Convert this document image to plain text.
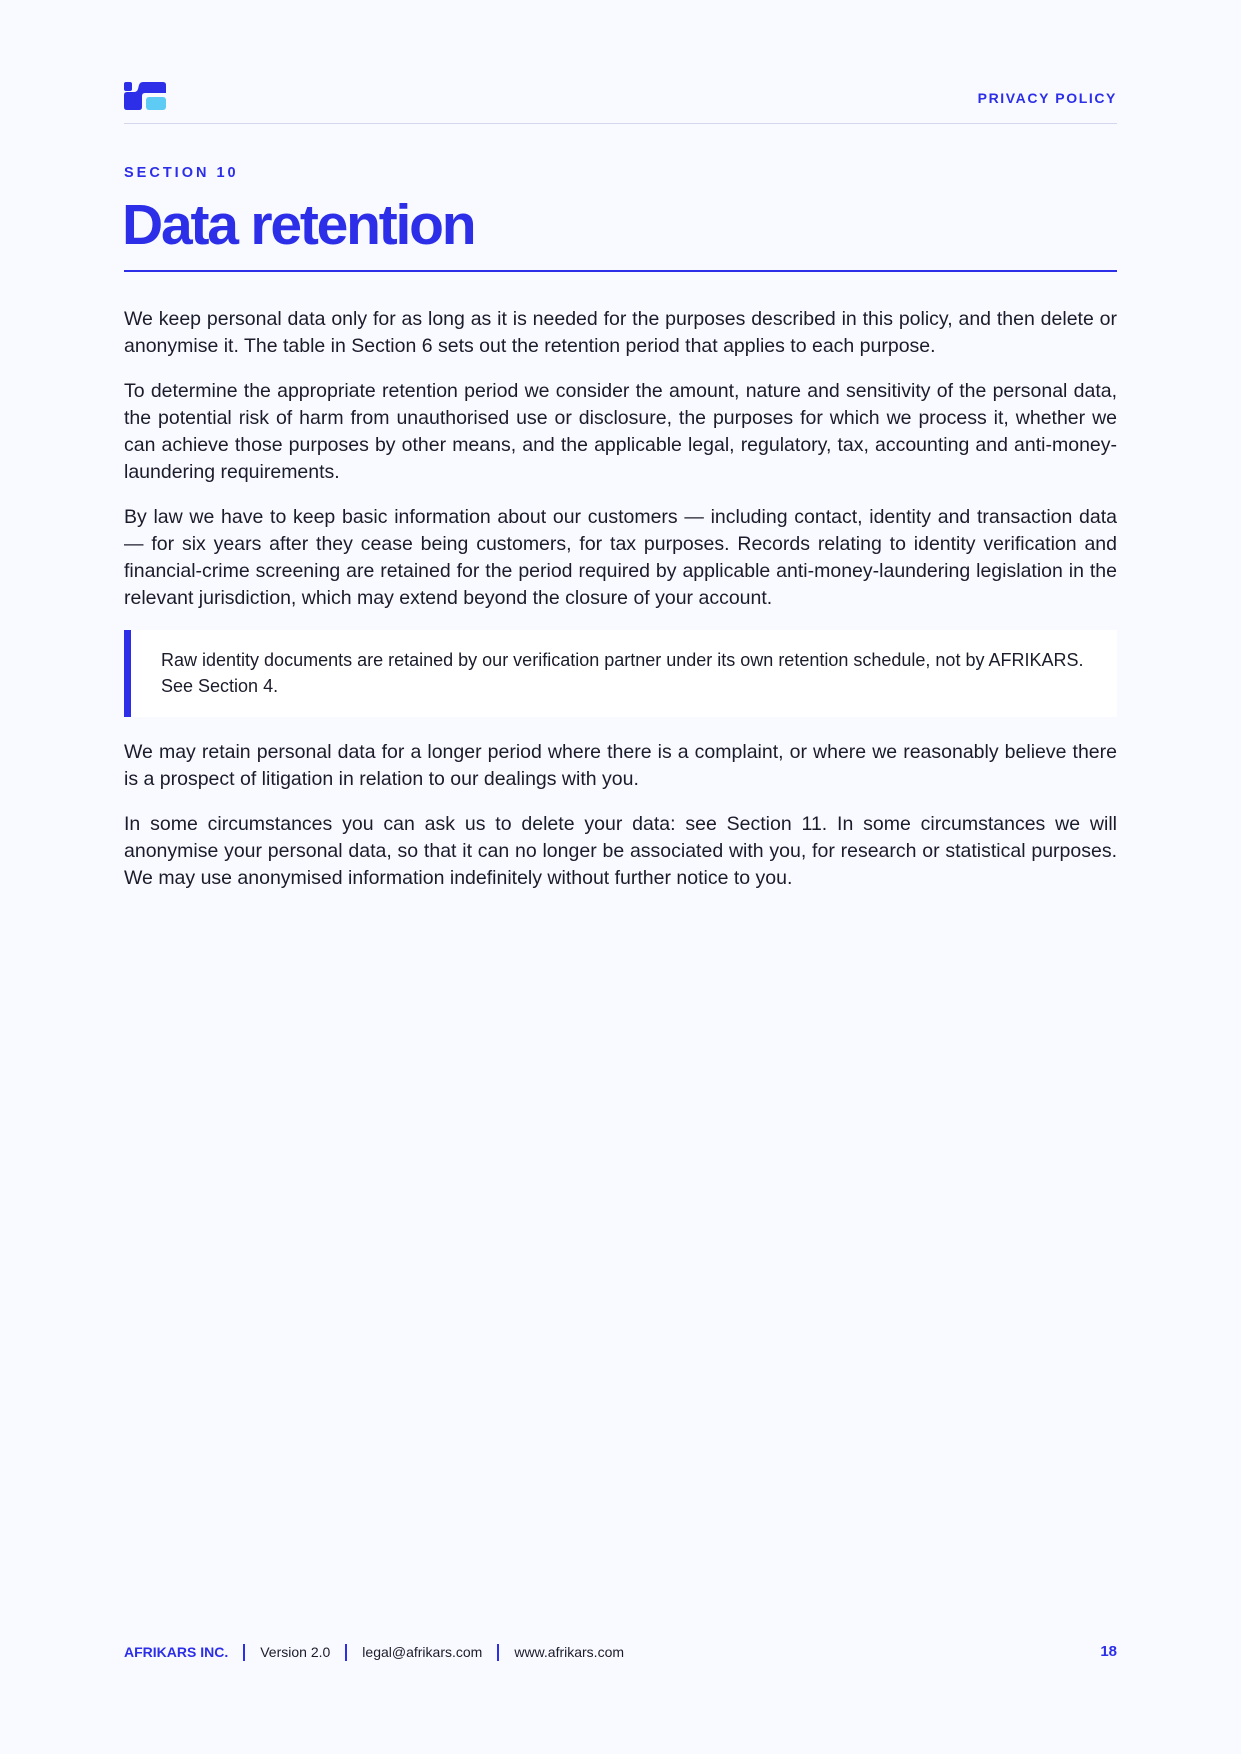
PRIVACY POLICY
SECTION 10
Data retention

We keep personal data only for as long as it is needed for the purposes described in this policy, and then delete or anonymise it. The table in Section 6 sets out the retention period that applies to each purpose.

To determine the appropriate retention period we consider the amount, nature and sensitivity of the personal data, the potential risk of harm from unauthorised use or disclosure, the purposes for which we process it, whether we can achieve those purposes by other means, and the applicable legal, regulatory, tax, accounting and anti-money-laundering requirements.

By law we have to keep basic information about our customers — including contact, identity and transaction data — for six years after they cease being customers, for tax purposes. Records relating to identity verification and financial-crime screening are retained for the period required by applicable anti-money-laundering legislation in the relevant jurisdiction, which may extend beyond the closure of your account.

Raw identity documents are retained by our verification partner under its own retention schedule, not by AFRIKARS. See Section 4.

We may retain personal data for a longer period where there is a complaint, or where we reasonably believe there is a prospect of litigation in relation to our dealings with you.

In some circumstances you can ask us to delete your data: see Section 11. In some circumstances we will anonymise your personal data, so that it can no longer be associated with you, for research or statistical purposes. We may use anonymised information indefinitely without further notice to you.

AFRIKARS INC. Version 2.0 legal@afrikars.com www.afrikars.com	18
